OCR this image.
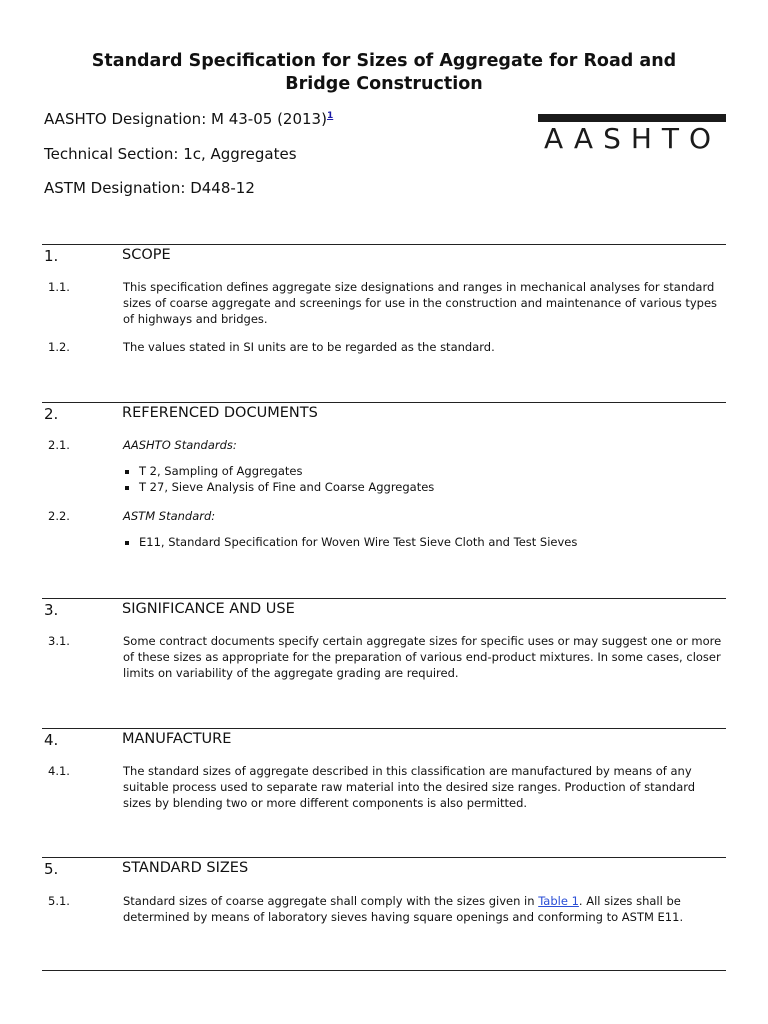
Standard Specification for Sizes of Aggregate for Road and Bridge Construction
AASHTO Designation: M 43-05 $(2013)^1$
Technical Section: 1c, Aggregates
ASTM Designation: D448-12
AASHTO
1.	SCOPE
1.1.	This specification defines aggregate size designations and ranges in mechanical analyses for standard sizes of coarse aggregate and screenings for use in the construction and maintenance of various types of highways and bridges.
1.2.	The values stated in SI units are to be regarded as the standard.
2.	REFERENCED DOCUMENTS
2.1.	AASHTO Standards:
T 2, Sampling of Aggregates
T 27, Sieve Analysis of Fine and Coarse Aggregates
2.2.	ASTM Standard:
E11, Standard Specification for Woven Wire Test Sieve Cloth and Test Sieves
3.	SIGNIFICANCE AND USE
3.1.	Some contract documents specify certain aggregate sizes for specific uses or may suggest one or more of these sizes as appropriate for the preparation of various end-product mixtures. In some cases, closer limits on variability of the aggregate grading are required.
4.	MANUFACTURE
4.1.	The standard sizes of aggregate described in this classification are manufactured by means of any suitable process used to separate raw material into the desired size ranges. Production of standard sizes by blending two or more different components is also permitted.
5.	STANDARD SIZES
5.1.	Standard sizes of coarse aggregate shall comply with the sizes given in Table 1. All sizes shall be determined by means of laboratory sieves having square openings and conforming to ASTM E11.
